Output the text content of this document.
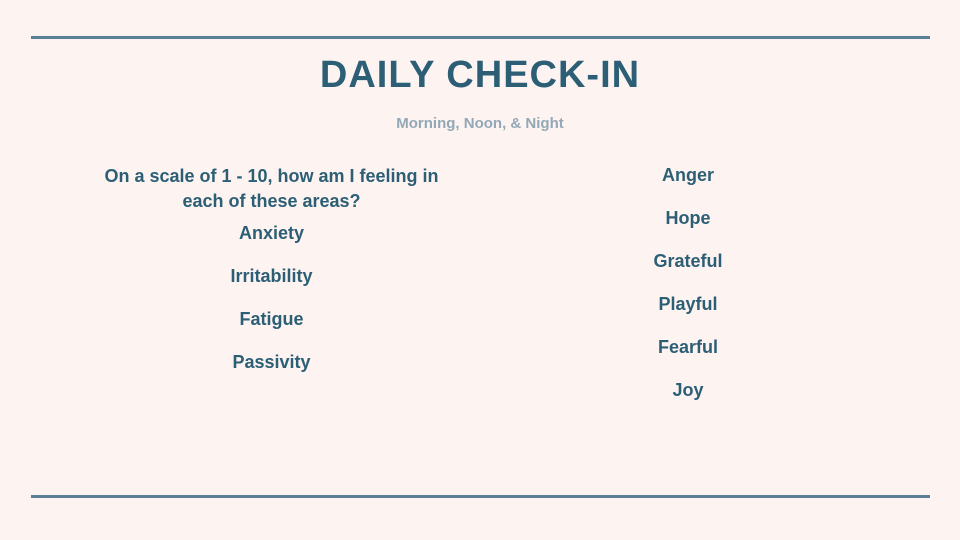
DAILY CHECK-IN
Morning, Noon, & Night
On a scale of 1 - 10, how am I feeling in
each of these areas?
Anxiety
Irritability
Fatigue
Passivity
Anger
Hope
Grateful
Playful
Fearful
Joy
